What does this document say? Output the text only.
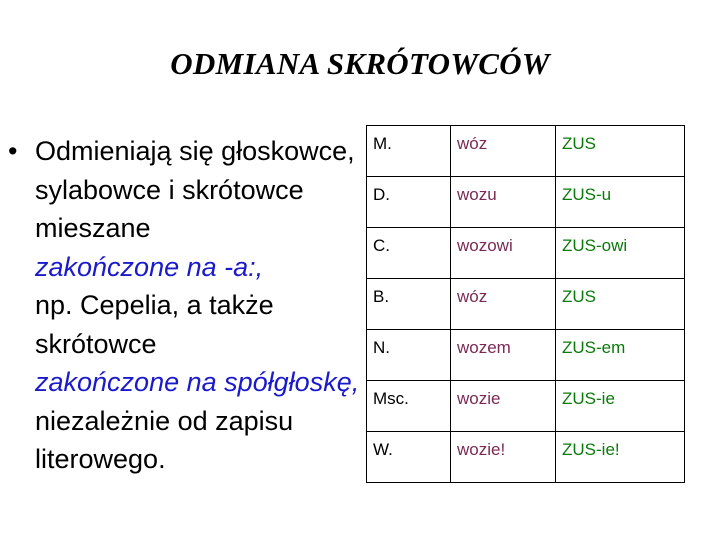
ODMIANA SKRÓTOWCÓW
• Odmieniają się głoskowce, sylabowce i skrótowce mieszane
zakończone na -a:,
np. Cepelia, a także skrótowce
zakończone na spółgłoskę,
niezależnie od zapisu literowego.
M.	wóz	ZUS
D.	wozu	ZUS-u
C.	wozowi	ZUS-owi
B.	wóz	ZUS
N.	wozem	ZUS-em
Msc.	wozie	ZUS-ie
W.	wozie!	ZUS-ie!
